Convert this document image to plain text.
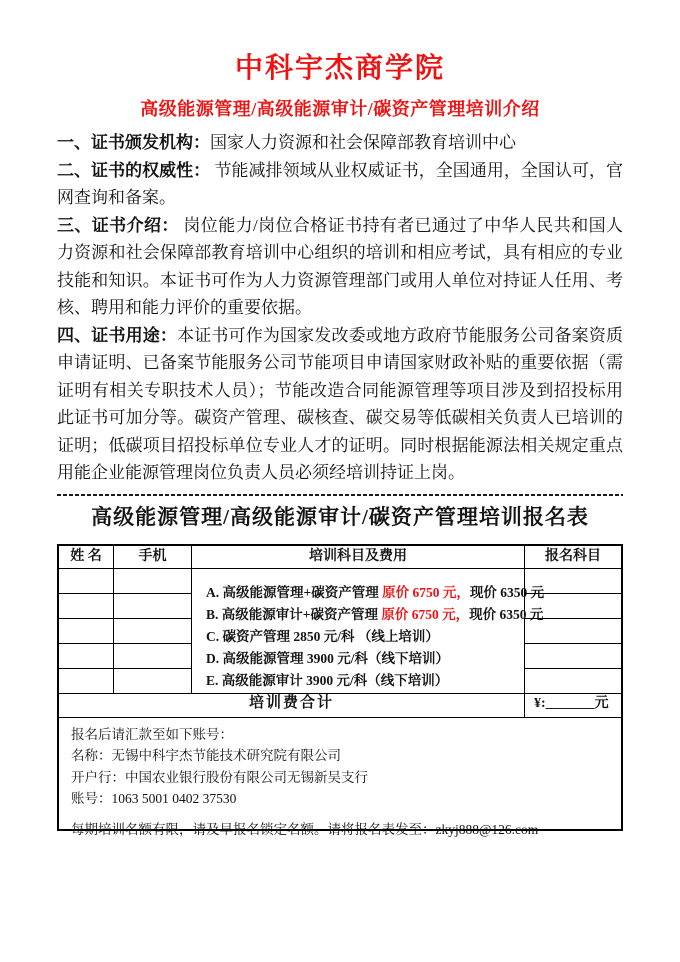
中科宇杰商学院
高级能源管理/高级能源审计/碳资产管理培训介绍

一、证书颁发机构：国家人力资源和社会保障部教育培训中心

二、证书的权威性： 节能减排领域从业权威证书，全国通用，全国认可，官网查询和备案。

三、证书介绍： 岗位能力/岗位合格证书持有者已通过了中华人民共和国人力资源和社会保障部教育培训中心组织的培训和相应考试，具有相应的专业技能和知识。本证书可作为人力资源管理部门或用人单位对持证人任用、考核、聘用和能力评价的重要依据。

四、证书用途：本证书可作为国家发改委或地方政府节能服务公司备案资质申请证明、已备案节能服务公司节能项目申请国家财政补贴的重要依据（需证明有相关专职技术人员）；节能改造合同能源管理等项目涉及到招投标用此证书可加分等。碳资产管理、碳核查、碳交易等低碳相关负责人已培训的证明；低碳项目招投标单位专业人才的证明。同时根据能源法相关规定重点用能企业能源管理岗位负责人员必须经培训持证上岗。

高级能源管理/高级能源审计/碳资产管理培训报名表
姓 名	手机	培训科目及费用	报名科目
A. 高级能源管理+碳资产管理 原价 6750 元，现价 6350 元
B. 高级能源审计+碳资产管理 原价 6750 元，现价 6350 元
C. 碳资产管理 2850 元/科 （线上培训）
D. 高级能源管理 3900 元/科（线下培训）
E. 高级能源审计 3900 元/科（线下培训）
培训费合计	¥:_______元
报名后请汇款至如下账号：
名称：无锡中科宇杰节能技术研究院有限公司
开户行：中国农业银行股份有限公司无锡新吴支行
账号：1063 5001 0402 37530
每期培训名额有限，请及早报名锁定名额。请将报名表发至：zkyj888@126.com
